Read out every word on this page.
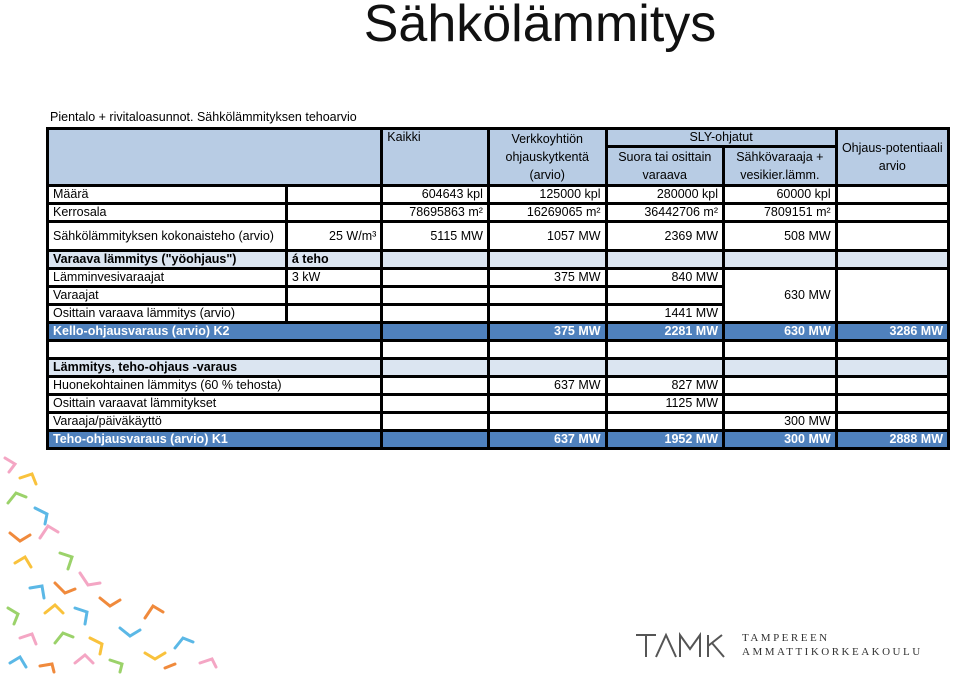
Sähkölämmitys
Pientalo + rivitaloasunnot. Sähkölämmityksen tehoarvio
		Kaikki	Verkkoyhtiön ohjauskytkentä (arvio)	SLY-ohjatut		Ohjaus-potentiaali arvio
				Suora tai osittain varaava	Sähkövaraaja + vesikier.lämm.	

Määrä		604643 kpl	125000 kpl	280000 kpl	60000 kpl	
Kerrosala		78695863 m²	16269065 m²	36442706 m²	7809151 m²	
Sähkölämmityksen kokonaisteho (arvio)	25 W/m³	5115 MW	1057 MW	2369 MW	508 MW	
Varaava lämmitys ("yöohjaus")	á teho					
Lämminvesivaraajat	3 kW		375 MW	840 MW	630 MW	
Varaajat						
Osittain varaava lämmitys (arvio)				1441 MW		
Kello-ohjausvaraus (arvio) K2			375 MW	2281 MW	630 MW	3286 MW

Lämmitys, teho-ohjaus -varaus						
Huonekohtainen lämmitys (60 % tehosta)			637 MW	827 MW		
Osittain varaavat lämmitykset				1125 MW		
Varaaja/päiväkäyttö					300 MW	
Teho-ohjausvaraus (arvio) K1			637 MW	1952 MW	300 MW	2888 MW
TAMPEREEN
AMMATTIKORKEAKOULU
